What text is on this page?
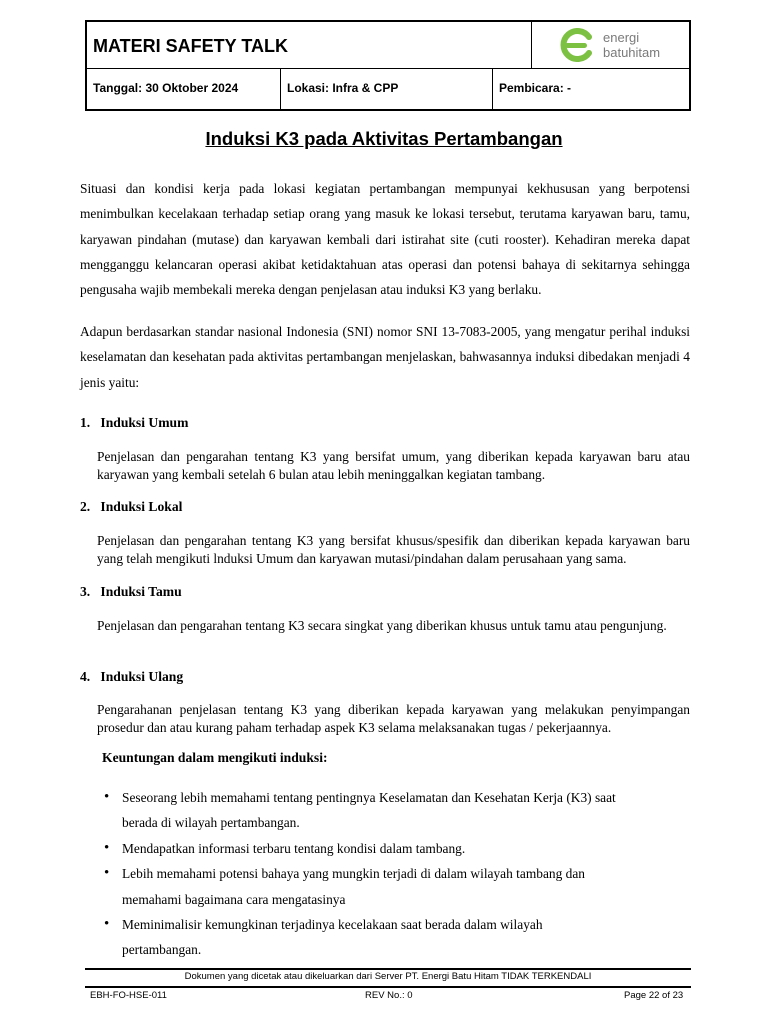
MATERI SAFETY TALK	energi
batuhitam
Tanggal: 30 Oktober 2024	Lokasi: Infra & CPP	Pembicara: -
Induksi K3 pada Aktivitas Pertambangan

Situasi dan kondisi kerja pada lokasi kegiatan pertambangan mempunyai kekhususan yang berpotensi menimbulkan kecelakaan terhadap setiap orang yang masuk ke lokasi tersebut, terutama karyawan baru, tamu, karyawan pindahan (mutase) dan karyawan kembali dari istirahat site (cuti rooster). Kehadiran mereka dapat mengganggu kelancaran operasi akibat ketidaktahuan atas operasi dan potensi bahaya di sekitarnya sehingga pengusaha wajib membekali mereka dengan penjelasan atau induksi K3 yang berlaku.

Adapun berdasarkan standar nasional Indonesia (SNI) nomor SNI 13-7083-2005, yang mengatur perihal induksi keselamatan dan kesehatan pada aktivitas pertambangan menjelaskan, bahwasannya induksi dibedakan menjadi 4 jenis yaitu:

1. Induksi Umum

Penjelasan dan pengarahan tentang K3 yang bersifat umum, yang diberikan kepada karyawan baru atau karyawan yang kembali setelah 6 bulan atau lebih meninggalkan kegiatan tambang.

2. Induksi Lokal

Penjelasan dan pengarahan tentang K3 yang bersifat khusus/spesifik dan diberikan kepada karyawan baru yang telah mengikuti lnduksi Umum dan karyawan mutasi/pindahan dalam perusahaan yang sama.

3. Induksi Tamu

Penjelasan dan pengarahan tentang K3 secara singkat yang diberikan khusus untuk tamu atau pengunjung.

4. Induksi Ulang

Pengarahanan penjelasan tentang K3 yang diberikan kepada karyawan yang melakukan penyimpangan prosedur dan atau kurang paham terhadap aspek K3 selama melaksanakan tugas / pekerjaannya.

Keuntungan dalam mengikuti induksi:
• Seseorang lebih memahami tentang pentingnya Keselamatan dan Kesehatan Kerja (K3) saat berada di wilayah pertambangan.
• Mendapatkan informasi terbaru tentang kondisi dalam tambang.
• Lebih memahami potensi bahaya yang mungkin terjadi di dalam wilayah tambang dan memahami bagaimana cara mengatasinya
• Meminimalisir kemungkinan terjadinya kecelakaan saat berada dalam wilayah pertambangan.
Dokumen yang dicetak atau dikeluarkan dari Server PT. Energi Batu Hitam TIDAK TERKENDALI
EBH-FO-HSE-011	REV No.: 0	Page 22 of 23
